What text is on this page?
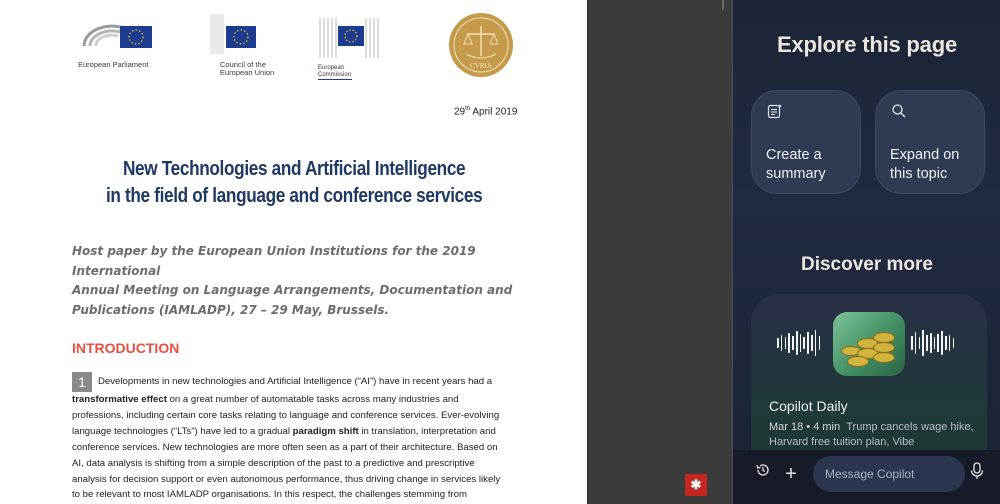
European Parliament	Council of the
European Union	European
Commission
CVRIA
29th April 2019
New Technologies and Artificial Intelligence
in the field of language and conference services
Host paper by the European Union Institutions for the 2019 International
Annual Meeting on Language Arrangements, Documentation and
Publications (IAMLADP), 27 – 29 May, Brussels.
INTRODUCTION
1 Developments in new technologies and Artificial Intelligence (“AI”) have in recent years had a
transformative effect on a great number of automatable tasks across many industries and
professions, including certain core tasks relating to language and conference services. Ever-evolving
language technologies (“LTs”) have led to a gradual paradigm shift in translation, interpretation and
conference services. New technologies are more often seen as a part of their architecture. Based on
AI, data analysis is shifting from a simple description of the past to a predictive and prescriptive
analysis for decision support or even autonomous performance, thus driving change in services likely
to be relevant to most IAMLADP organisations. In this respect, the challenges stemming from
✱
Explore this page
Create a summary
Expand on this topic
Discover more
Copilot Daily
Mar 18 • 4 min Trump cancels wage hike, Harvard free tuition plan, Vibe
+	Message Copilot
